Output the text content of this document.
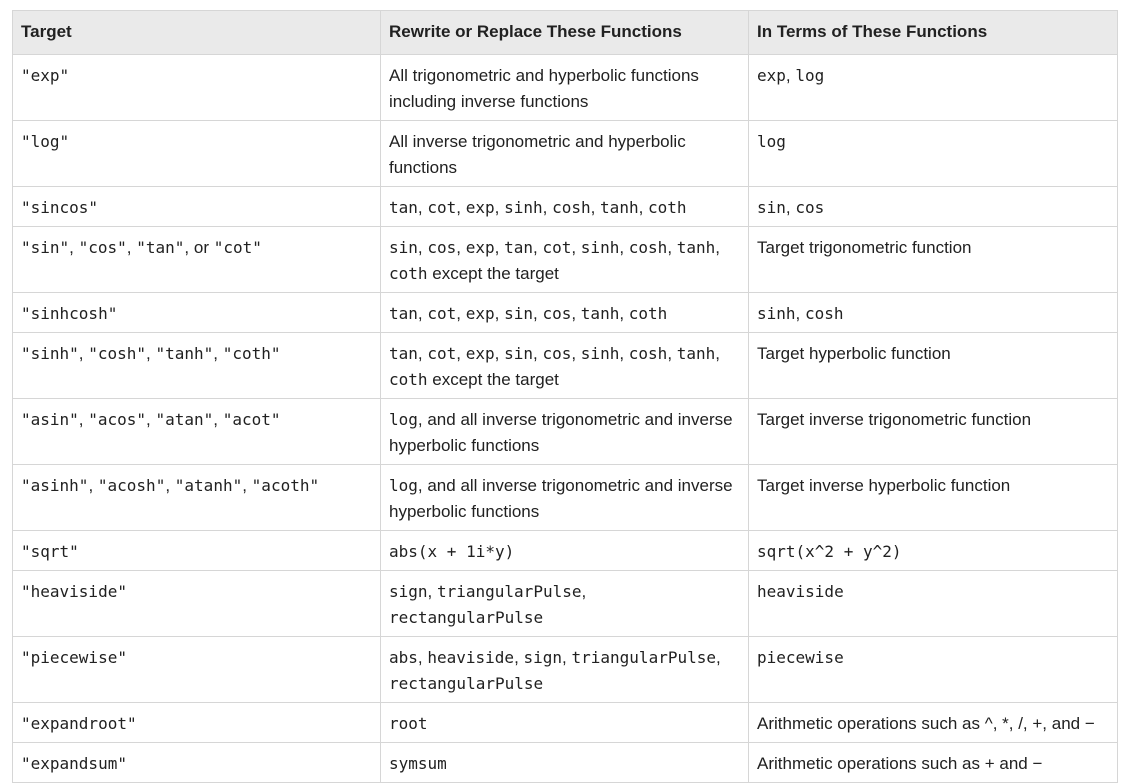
Target	Rewrite or Replace These Functions	In Terms of These Functions
"exp"	All trigonometric and hyperbolic functions including inverse functions	exp, log
"log"	All inverse trigonometric and hyperbolic functions	log
"sincos"	tan, cot, exp, sinh, cosh, tanh, coth	sin, cos
"sin", "cos", "tan", or "cot"	sin, cos, exp, tan, cot, sinh, cosh, tanh, coth except the target	Target trigonometric function
"sinhcosh"	tan, cot, exp, sin, cos, tanh, coth	sinh, cosh
"sinh", "cosh", "tanh", "coth"	tan, cot, exp, sin, cos, sinh, cosh, tanh, coth except the target	Target hyperbolic function
"asin", "acos", "atan", "acot"	log, and all inverse trigonometric and inverse hyperbolic functions	Target inverse trigonometric function
"asinh", "acosh", "atanh", "acoth"	log, and all inverse trigonometric and inverse hyperbolic functions	Target inverse hyperbolic function
"sqrt"	abs(x + 1i*y)	sqrt(x^2 + y^2)
"heaviside"	sign, triangularPulse, rectangularPulse	heaviside
"piecewise"	abs, heaviside, sign, triangularPulse, rectangularPulse	piecewise
"expandroot"	root	Arithmetic operations such as ^, *, /, +, and −
"expandsum"	symsum	Arithmetic operations such as + and −
